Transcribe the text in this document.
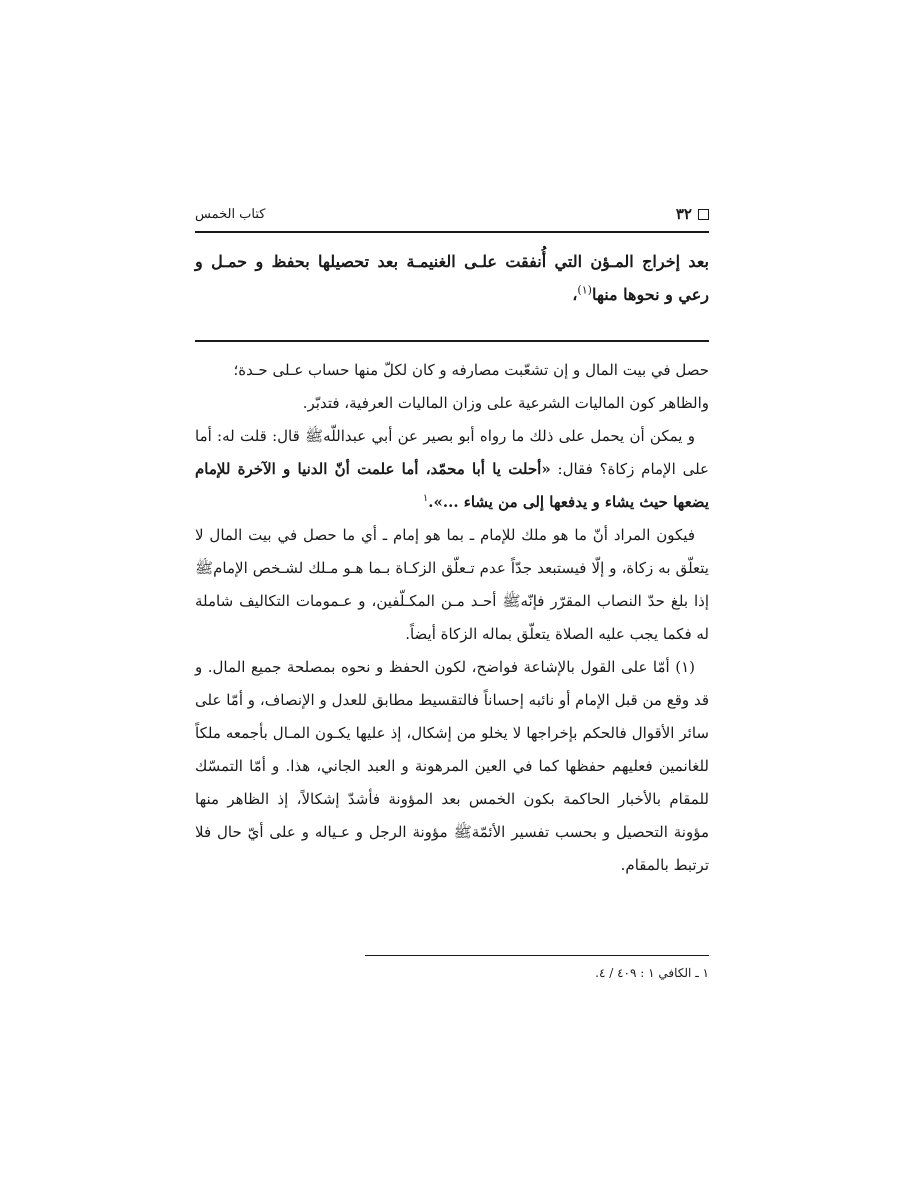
كتاب الخمس	٣٢

بعد إخراج المـؤن التي أُنفقت علـى الغنيمـة بعد تحصيلها بحفظ و حمـل و رعي و نحوها منها$^{(١)}$،

حصل في بيت المال و إن تشعّبت مصارفه و كان لكلّ منها حساب عـلى حـدة؛

والظاهر كون الماليات الشرعية على وزان الماليات العرفية، فتدبّر.

و يمكن أن يحمل على ذلك ما رواه أبو بصير عن أبي عبداللّه‌ﷺ قال: قلت له: أما على الإمام زكاة؟ فقال: «أحلت يا أبا محمّد، أما علمت أنّ الدنيا و الآخرة للإمام يضعها حيث يشاء و يدفعها إلى من يشاء ...».$^١$

فيكون المراد أنّ ما هو ملك للإمام ـ بما هو إمام ـ أي ما حصل في بيت المال لا يتعلّق به زكاة، و إلّا فيستبعد جدّاً عدم تـعلّق الزكـاة بـما هـو مـلك لشـخص الإمامﷺ إذا بلغ حدّ النصاب المقرّر فإنّهﷺ أحـد مـن المكـلّفين، و عـمومات التكاليف شاملة له فكما يجب عليه الصلاة يتعلّق بماله الزكاة أيضاً.

(١) أمّا على القول بالإشاعة فواضح، لكون الحفظ و نحوه بمصلحة جميع المال. و قد وقع من قبل الإمام أو نائبه إحساناً فالتقسيط مطابق للعدل و الإنصاف، و أمّا على سائر الأقوال فالحكم بإخراجها لا يخلو من إشكال، إذ عليها يكـون المـال بأجمعه ملكاً للغانمين فعليهم حفظها كما في العين المرهونة و العبد الجاني، هذا. و أمّا التمسّك للمقام بالأخبار الحاكمة بكون الخمس بعد المؤونة فأشدّ إشكالاً، إذ الظاهر منها مؤونة التحصيل و بحسب تفسير الأئمّةﷺ مؤونة الرجل و عـياله و على أيّ حال فلا ترتبط بالمقام.

١ ـ الكافي ١ : ٤٠٩ / ٤.
